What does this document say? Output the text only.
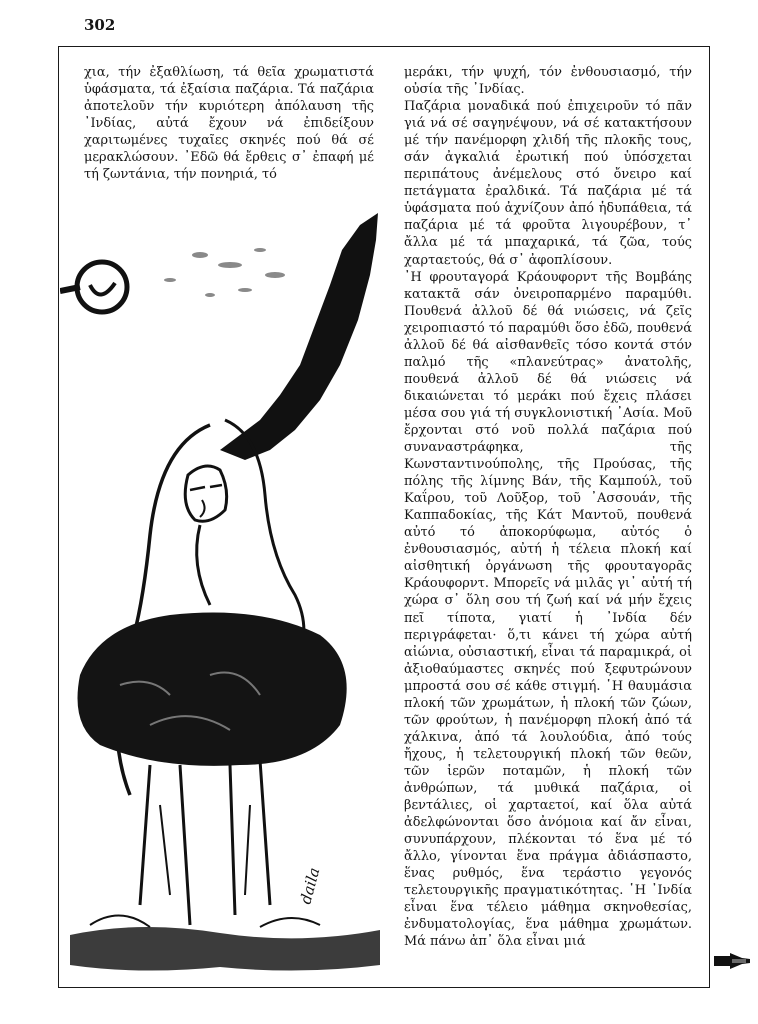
302
χια, τήν ἐξαθλίωση, τά θεῖα χρωματιστά ὑφάσματα, τά ἐξαίσια παζάρια. Τά παζάρια ἀποτελοῦν τήν κυριότερη ἀπόλαυση τῆς ᾿Ινδίας, αὐτά ἔχουν νά ἐπιδείξουν χαριτωμένες τυχαῖες σκηνές πού θά σέ μερακλώσουν. ᾿Εδῶ θά ἔρθεις σ᾿ ἐπαφή μέ τή ζωντάνια, τήν πονηριά, τό

μεράκι, τήν ψυχή, τόν ἐνθουσιασμό, τήν οὐσία τῆς ᾿Ινδίας.

Παζάρια μοναδικά πού ἐπιχειροῦν τό πᾶν γιά νά σέ σαγηνέψουν, νά σέ κατακτήσουν μέ τήν πανέμορφη χλιδή τῆς πλοκῆς τους, σάν ἀγκαλιά ἐρωτική πού ὑπόσχεται περιπάτους ἀνέμελους στό ὄνειρο καί πετάγματα ἐραλδικά. Τά παζάρια μέ τά ὑφάσματα πού ἀχνίζουν ἀπό ἡδυπάθεια, τά παζάρια μέ τά φροῦτα λιγουρέβουν, τ᾿ ἄλλα μέ τά μπαχαρικά, τά ζῶα, τούς χαρταετούς, θά σ᾿ ἀφοπλίσουν.

᾿Η φρουταγορά Κράουφορντ τῆς Βομβάης κατακτᾶ σάν ὀνειροπαρμένο παραμύθι. Πουθενά ἀλλοῦ δέ θά νιώσεις, νά ζεῖς χειροπιαστό τό παραμύθι ὅσο ἐδῶ, πουθενά ἀλλοῦ δέ θά αἰσθανθεῖς τόσο κοντά στόν παλμό τῆς «πλανεύτρας» ἀνατολῆς, πουθενά ἀλλοῦ δέ θά νιώσεις νά δικαιώνεται τό μεράκι πού ἔχεις πλάσει μέσα σου γιά τή συγκλονιστική ᾿Ασία. Μοῦ ἔρχονται στό νοῦ πολλά παζάρια πού συναναστράφηκα, τῆς Κωνσταντινούπολης, τῆς Προύσας, τῆς πόλης τῆς λίμνης Βάν, τῆς Καμπούλ, τοῦ Καΐρου, τοῦ Λοῦξορ, τοῦ ᾿Ασσουάν, τῆς Καππαδοκίας, τῆς Κάτ Μαντοῦ, πουθενά αὐτό τό ἀποκορύφωμα, αὐτός ὁ ἐνθουσιασμός, αὐτή ἡ τέλεια πλοκή καί αἰσθητική ὀργάνωση τῆς φρουταγορᾶς Κράουφορντ. Μπορεῖς νά μιλᾶς γι᾿ αὐτή τή χώρα σ᾿ ὅλη σου τή ζωή καί νά μήν ἔχεις πεῖ τίποτα, γιατί ἡ ᾿Ινδία δέν περιγράφεται· ὅ,τι κάνει τή χώρα αὐτή αἰώνια, οὐσιαστική, εἶναι τά παραμικρά, οἱ ἀξιοθαύμαστες σκηνές πού ξεφυτρώνουν μπροστά σου σέ κάθε στιγμή. ῾Η θαυμάσια πλοκή τῶν χρωμάτων, ἡ πλοκή τῶν ζώων, τῶν φρούτων, ἡ πανέμορφη πλοκή ἀπό τά χάλκινα, ἀπό τά λουλούδια, ἀπό τούς ἤχους, ἡ τελετουργική πλοκή τῶν θεῶν, τῶν ἱερῶν ποταμῶν, ἡ πλοκή τῶν ἀνθρώπων, τά μυθικά παζάρια, οἱ βεντάλιες, οἱ χαρταετοί, καί ὅλα αὐτά ἀδελφώνονται ὅσο ἀνόμοια καί ἄν εἶναι, συνυπάρχουν, πλέκονται τό ἕνα μέ τό ἄλλο, γίνονται ἕνα πράγμα ἀδιάσπαστο, ἕνας ρυθμός, ἕνα τεράστιο γεγονός τελετουργικῆς πραγματικότητας. ῾Η ᾿Ινδία εἶναι ἕνα τέλειο μάθημα σκηνοθεσίας, ἐνδυματολογίας, ἕνα μάθημα χρωμάτων. Μά πάνω ἀπ᾿ ὅλα εἶναι μιά

daila
